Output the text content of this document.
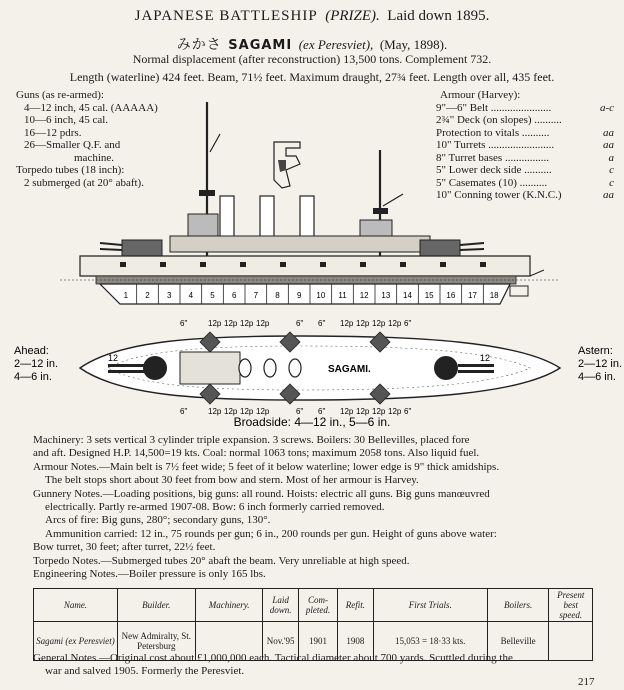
JAPANESE BATTLESHIP (PRIZE). Laid down 1895.
みかさ SAGAMI (ex Peresviet), (May, 1898).
Normal displacement (after reconstruction) 13,500 tons. Complement 732.
Length (waterline) 424 feet. Beam, 71½ feet. Maximum draught, 27¾ feet. Length over all, 435 feet.
Guns (as re-armed):
4—12 inch, 45 cal. (AAAAA)
10—6 inch, 45 cal.
16—12 pdrs.
26—Smaller Q.F. and
machine.
Torpedo tubes (18 inch):
2 submerged (at 20° abaft).
Armour (Harvey):
9"—6" Belt ......................	a-c
2¾" Deck (on slopes) ..........
Protection to vitals ..........	aa
10" Turrets ........................	aa
8" Turret bases ................	a
5" Lower deck side ..........	c
5" Casemates (10) ..........	c
10" Conning tower (K.N.C.)	aa
1 2 3 4 5 6 7 8 9 10 11 12 13 14 15 16 17 18
Ahead:
2—12 in.
4—6 in.
Astern:
2—12 in.
4—6 in.
12	12
SAGAMI.
6"	12p 12p 12p 12p	6" 6" 12p 12p 12p 12p 6"
6"	12p 12p 12p 12p	6" 6" 12p 12p 12p 12p 6"
Broadside: 4—12 in., 5—6 in.
Machinery: 3 sets vertical 3 cylinder triple expansion. 3 screws. Boilers: 30 Bellevilles, placed fore
and aft. Designed H.P. 14,500=19 kts. Coal: normal 1063 tons; maximum 2058 tons. Also liquid fuel.
Armour Notes.—Main belt is 7½ feet wide; 5 feet of it below waterline; lower edge is 9" thick amidships.
The belt stops short about 30 feet from bow and stern. Most of her armour is Harvey.
Gunnery Notes.—Loading positions, big guns: all round. Hoists: electric all guns. Big guns manœuvred
electrically. Partly re-armed 1907-08. Bow: 6 inch formerly carried removed.
Arcs of fire: Big guns, 280°; secondary guns, 130°.
Ammunition carried: 12 in., 75 rounds per gun; 6 in., 200 rounds per gun. Height of guns above water:
Bow turret, 30 feet; after turret, 22½ feet.
Torpedo Notes.—Submerged tubes 20° abaft the beam. Very unreliable at high speed.
Engineering Notes.—Boiler pressure is only 165 lbs.
Name.	Builder.	Machinery.	Laid down.	Com-pleted.	Refit.	First Trials.	Boilers.	Present best speed.
Sagami (ex Peresviet)	New Admiralty, St. Petersburg		Nov.'95	1901	1908	15,053 = 18·33 kts.	Belleville	
General Notes.—Original cost about £1,000,000 each. Tactical diameter about 700 yards. Scuttled during the
war and salved 1905. Formerly the Peresviet.
217
